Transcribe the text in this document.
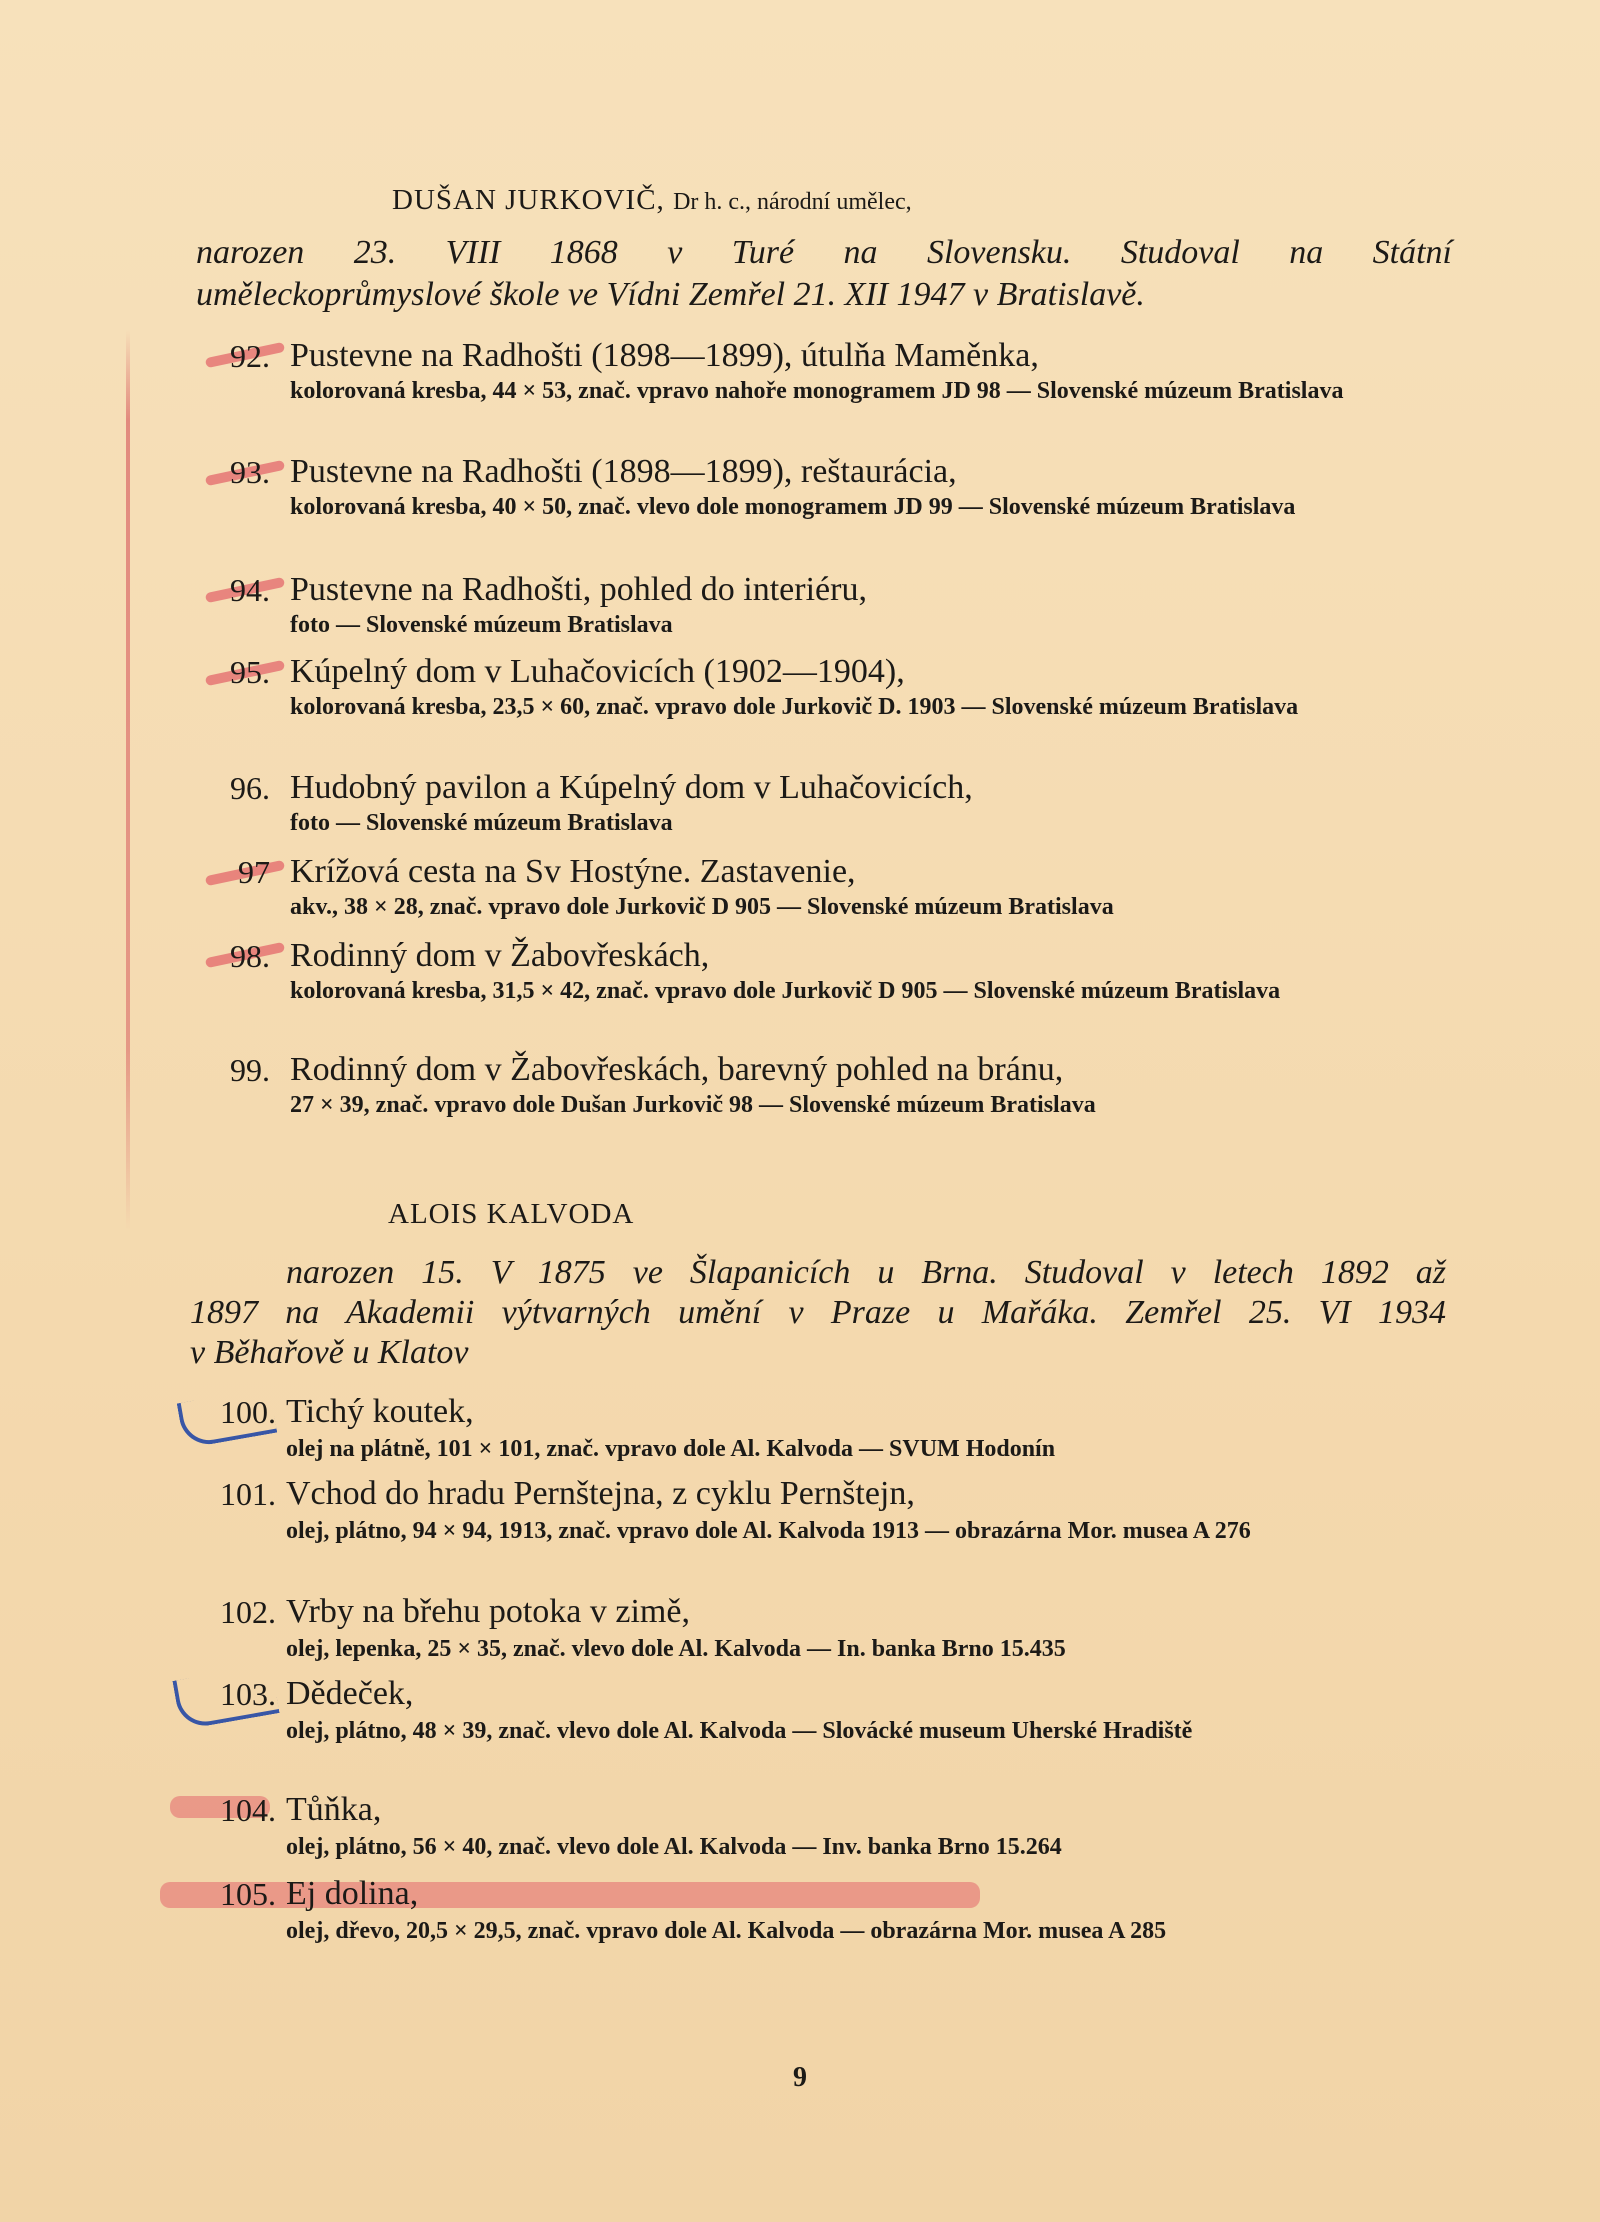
DUŠAN JURKOVIČ, Dr h. c., národní umělec,
narozen 23. VIII 1868 v Turé na Slovensku. Studoval na Státní
uměleckoprůmyslové škole ve Vídni Zemřel 21. XII 1947 v Bratislavě.
92. Pustevne na Radhošti (1898—1899), útulňa Maměnka,
kolorovaná kresba, 44 × 53, znač. vpravo nahoře monogramem JD 98 — Slovenské múzeum Bratislava
93. Pustevne na Radhošti (1898—1899), reštaurácia,
kolorovaná kresba, 40 × 50, znač. vlevo dole monogramem JD 99 — Slovenské múzeum Bratislava
94. Pustevne na Radhošti, pohled do interiéru,
foto — Slovenské múzeum Bratislava
95. Kúpelný dom v Luhačovicích (1902—1904),
kolorovaná kresba, 23,5 × 60, znač. vpravo dole Jurkovič D. 1903 — Slovenské múzeum Bratislava
96. Hudobný pavilon a Kúpelný dom v Luhačovicích,
foto — Slovenské múzeum Bratislava
97 Krížová cesta na Sv Hostýne. Zastavenie,
akv., 38 × 28, znač. vpravo dole Jurkovič D 905 — Slovenské múzeum Bratislava
98. Rodinný dom v Žabovřeskách,
kolorovaná kresba, 31,5 × 42, znač. vpravo dole Jurkovič D 905 — Slovenské múzeum Bratislava
99. Rodinný dom v Žabovřeskách, barevný pohled na bránu,
27 × 39, znač. vpravo dole Dušan Jurkovič 98 — Slovenské múzeum Bratislava
ALOIS KALVODA
narozen 15. V 1875 ve Šlapanicích u Brna. Studoval v letech 1892 až
1897 na Akademii výtvarných umění v Praze u Mařáka. Zemřel 25. VI 1934
v Běhařově u Klatov
100. Tichý koutek,
olej na plátně, 101 × 101, znač. vpravo dole Al. Kalvoda — SVUM Hodonín
101. Vchod do hradu Pernštejna, z cyklu Pernštejn,
olej, plátno, 94 × 94, 1913, znač. vpravo dole Al. Kalvoda 1913 — obrazárna Mor. musea A 276
102. Vrby na břehu potoka v zimě,
olej, lepenka, 25 × 35, znač. vlevo dole Al. Kalvoda — In. banka Brno 15.435
103. Dědeček,
olej, plátno, 48 × 39, znač. vlevo dole Al. Kalvoda — Slovácké museum Uherské Hradiště
104. Tůňka,
olej, plátno, 56 × 40, znač. vlevo dole Al. Kalvoda — Inv. banka Brno 15.264
105. Ej dolina,
olej, dřevo, 20,5 × 29,5, znač. vpravo dole Al. Kalvoda — obrazárna Mor. musea A 285
9
